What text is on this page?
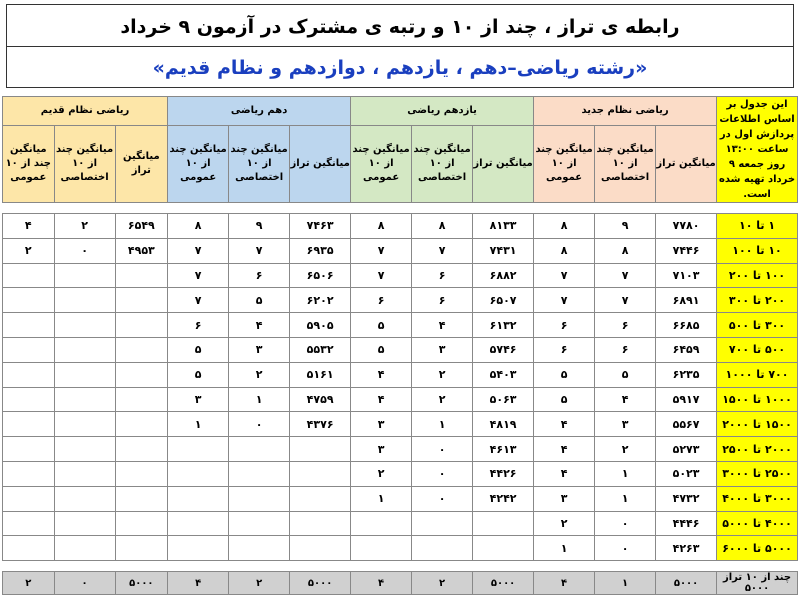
رابطه ی تراز ، چند از ۱۰ و رتبه ی مشترک در آزمون ۹ خرداد
«رشته ریاضی–دهم ، یازدهم ، دوازدهم و نظام قدیم»
این جدول بر اساس اطلاعات پردازش اول در ساعت ۱۳:۰۰ روز جمعه ۹ خرداد تهیه شده است.	ریاضی نظام جدید			یازدهم ریاضی			دهم ریاضی			ریاضی نظام قدیم		
	میانگین تراز	میانگین چند از ۱۰ اختصاصی	میانگین چند از ۱۰ عمومی	میانگین تراز	میانگین چند از ۱۰ اختصاصی	میانگین چند از ۱۰ عمومی	میانگین تراز	میانگین چند از ۱۰ اختصاصی	میانگین چند از ۱۰ عمومی	میانگین تراز	میانگین چند از ۱۰ اختصاصی	میانگین چند از ۱۰ عمومی

۱ تا ۱۰	۷۷۸۰	۹	۸	۸۱۳۳	۸	۸	۷۴۶۳	۹	۸	۶۵۴۹	۲	۴
۱۰ تا ۱۰۰	۷۴۴۶	۸	۸	۷۴۳۱	۷	۷	۶۹۳۵	۷	۷	۴۹۵۳	۰	۲
۱۰۰ تا ۲۰۰	۷۱۰۳	۷	۷	۶۸۸۲	۶	۷	۶۵۰۶	۶	۷			
۲۰۰ تا ۳۰۰	۶۸۹۱	۷	۷	۶۵۰۷	۶	۶	۶۲۰۲	۵	۷			
۳۰۰ تا ۵۰۰	۶۶۸۵	۶	۶	۶۱۳۲	۴	۵	۵۹۰۵	۴	۶			
۵۰۰ تا ۷۰۰	۶۴۵۹	۶	۶	۵۷۴۶	۳	۵	۵۵۳۲	۳	۵			
۷۰۰ تا ۱۰۰۰	۶۲۳۵	۵	۵	۵۴۰۳	۲	۴	۵۱۶۱	۲	۵			
۱۰۰۰ تا ۱۵۰۰	۵۹۱۷	۴	۵	۵۰۶۳	۲	۴	۴۷۵۹	۱	۳			
۱۵۰۰ تا ۲۰۰۰	۵۵۶۷	۳	۴	۴۸۱۹	۱	۳	۴۳۷۶	۰	۱			
۲۰۰۰ تا ۲۵۰۰	۵۲۷۳	۲	۴	۴۶۱۳	۰	۳						
۲۵۰۰ تا ۳۰۰۰	۵۰۲۳	۱	۴	۴۴۲۶	۰	۲						
۳۰۰۰ تا ۴۰۰۰	۴۷۳۲	۱	۳	۴۲۴۲	۰	۱						
۴۰۰۰ تا ۵۰۰۰	۴۴۴۶	۰	۲									
۵۰۰۰ تا ۶۰۰۰	۴۲۶۳	۰	۱									

چند از ۱۰ تراز ۵۰۰۰	۵۰۰۰	۱	۴	۵۰۰۰	۲	۴	۵۰۰۰	۲	۴	۵۰۰۰	۰	۲
